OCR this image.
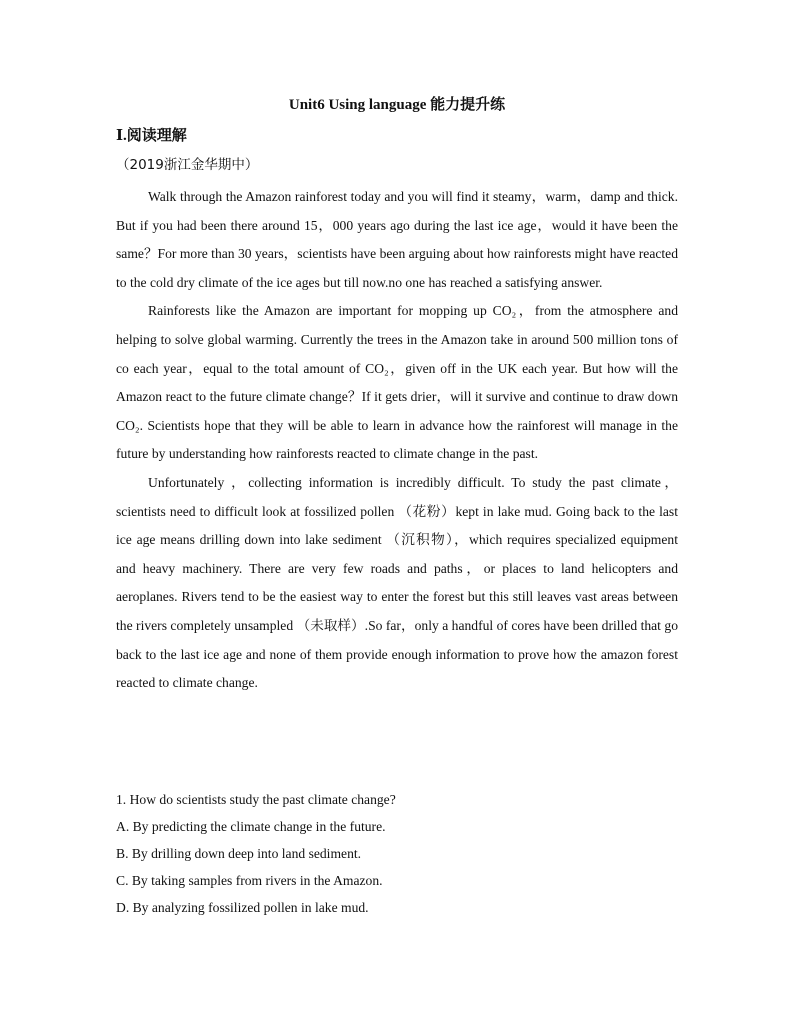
Unit6 Using language 能力提升练
Ⅰ.阅读理解
（2019浙江金华期中）

Walk through the Amazon rainforest today and you will find it steamy，warm，damp and thick. But if you had been there around 15，000 years ago during the last ice age，would it have been the same？For more than 30 years，scientists have been arguing about how rainforests might have reacted to the cold dry climate of the ice ages but till now.no one has reached a satisfying answer.

Rainforests like the Amazon are important for mopping up CO₂，from the atmosphere and helping to solve global warming. Currently the trees in the Amazon take in around 500 million tons of co each year，equal to the total amount of CO₂，given off in the UK each year. But how will the Amazon react to the future climate change？If it gets drier，will it survive and continue to draw down CO₂. Scientists hope that they will be able to learn in advance how the rainforest will manage in the future by understanding how rainforests reacted to climate change in the past.

Unfortunately ，collecting information is incredibly difficult. To study the past climate，scientists need to difficult look at fossilized pollen （花粉）kept in lake mud. Going back to the last ice age means drilling down into lake sediment （沉积物），which requires specialized equipment and heavy machinery. There are very few roads and paths，or places to land helicopters and aeroplanes. Rivers tend to be the easiest way to enter the forest but this still leaves vast areas between the rivers completely unsampled （未取样）.So far，only a handful of cores have been drilled that go back to the last ice age and none of them provide enough information to prove how the amazon forest reacted to climate change.

1. How do scientists study the past climate change?
A. By predicting the climate change in the future.
B. By drilling down deep into land sediment.
C. By taking samples from rivers in the Amazon.
D. By analyzing fossilized pollen in lake mud.
